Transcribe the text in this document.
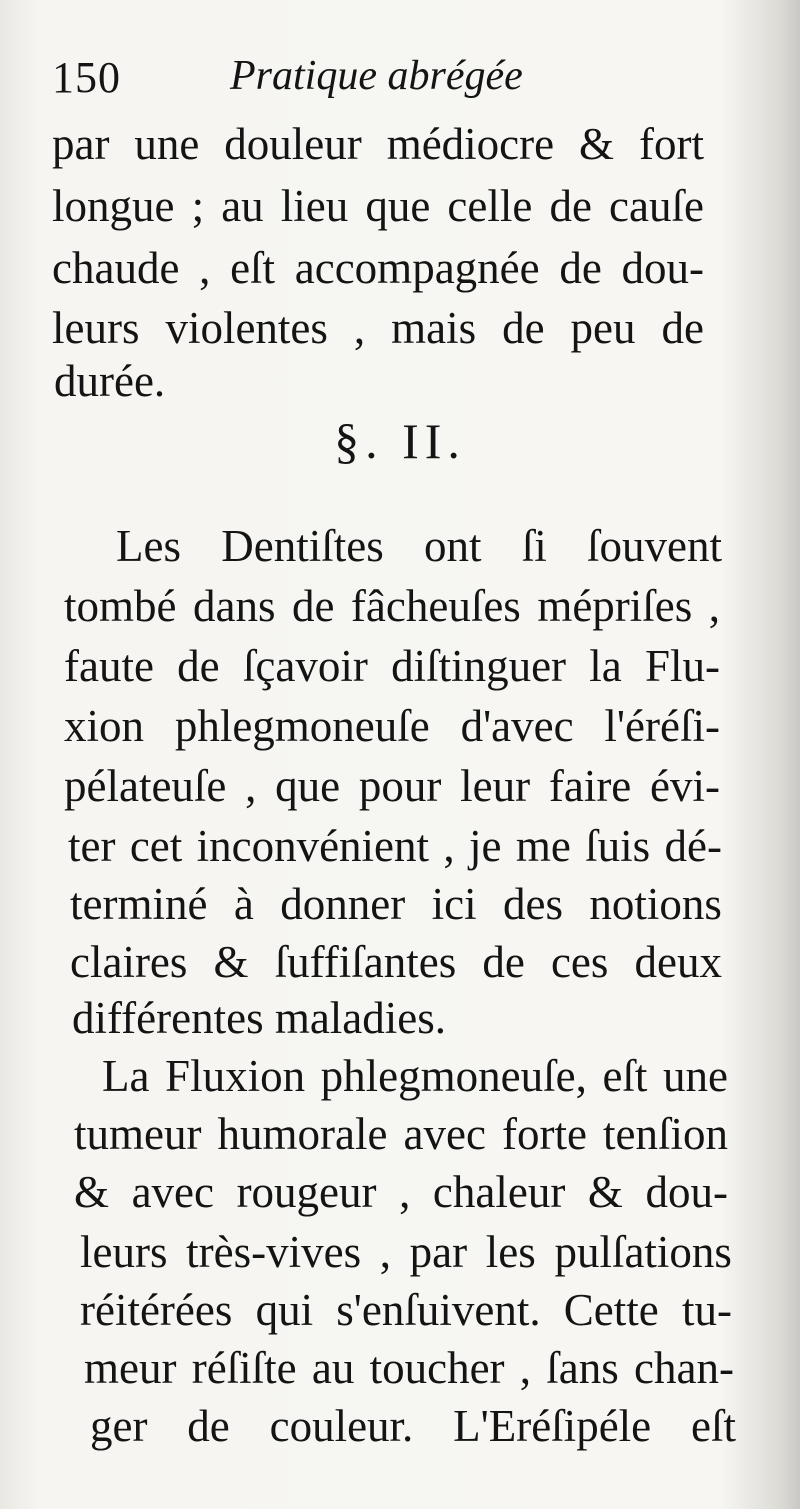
150	Pratique abrégée
par une douleur médiocre & fort
longue ; au lieu que celle de cauſe
chaude , eſt accompagnée de dou-
leurs violentes , mais de peu de
durée.
§. II.
Les Dentiſtes ont ſi ſouvent
tombé dans de fâcheuſes mépriſes ,
faute de ſçavoir diſtinguer la Flu-
xion phlegmoneuſe d'avec l'éréſi-
pélateuſe , que pour leur faire évi-
ter cet inconvénient , je me ſuis dé-
terminé à donner ici des notions
claires & ſuffiſantes de ces deux
différentes maladies.
La Fluxion phlegmoneuſe, eſt une
tumeur humorale avec forte tenſion
& avec rougeur , chaleur & dou-
leurs très-vives , par les pulſations
réitérées qui s'enſuivent. Cette tu-
meur réſiſte au toucher , ſans chan-
ger de couleur. L'Eréſipéle eſt
